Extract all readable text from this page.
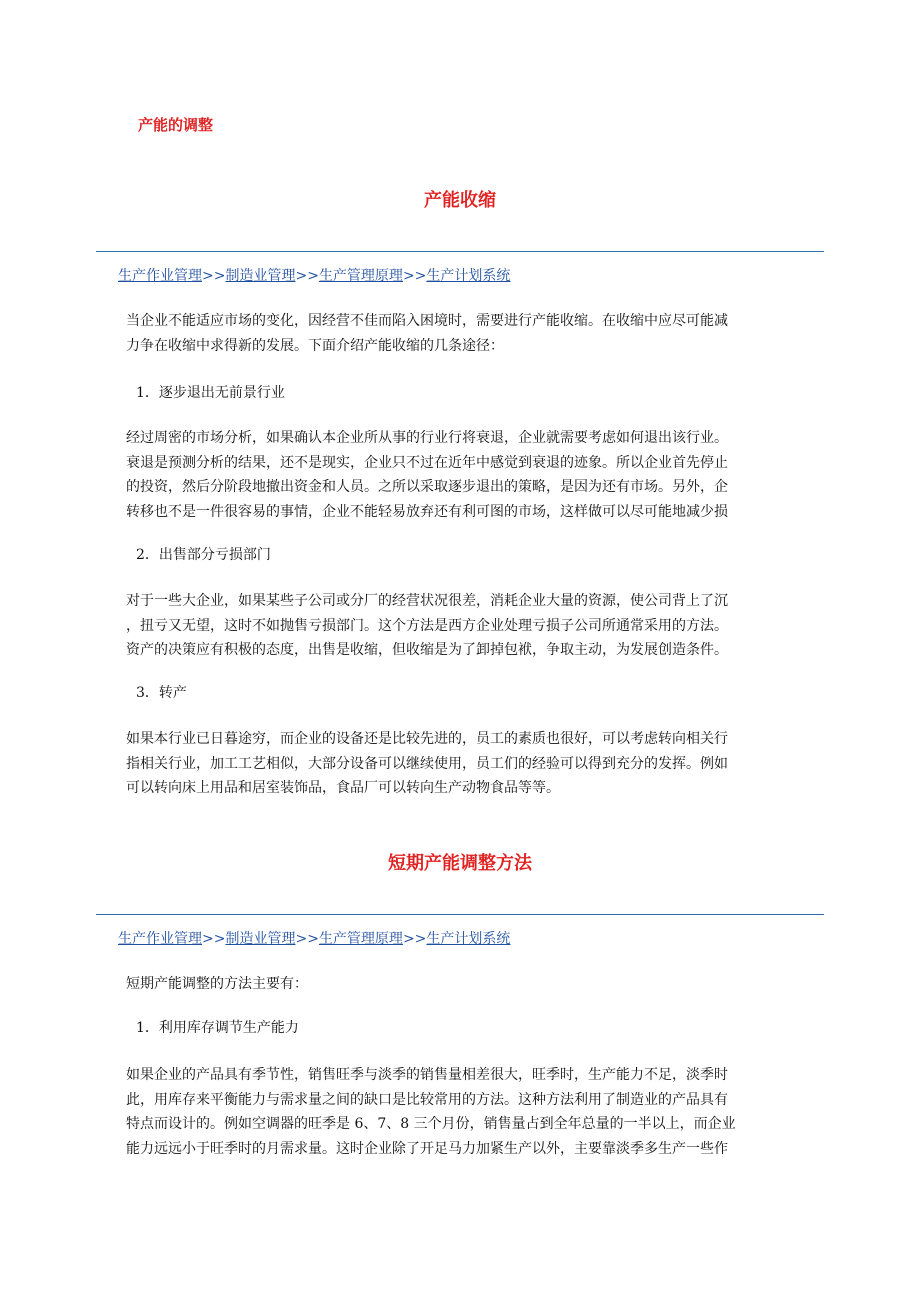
产能的调整
产能收缩
生产作业管理>>制造业管理>>生产管理原理>>生产计划系统
当企业不能适应市场的变化，因经营不佳而陷入困境时，需要进行产能收缩。在收缩中应尽可能减
力争在收缩中求得新的发展。下面介绍产能收缩的几条途径：
1．逐步退出无前景行业
经过周密的市场分析，如果确认本企业所从事的行业行将衰退，企业就需要考虑如何退出该行业。
衰退是预测分析的结果，还不是现实，企业只不过在近年中感觉到衰退的迹象。所以企业首先停止
的投资，然后分阶段地撤出资金和人员。之所以采取逐步退出的策略，是因为还有市场。另外，企
转移也不是一件很容易的事情，企业不能轻易放弃还有利可图的市场，这样做可以尽可能地减少损
2．出售部分亏损部门
对于一些大企业，如果某些子公司或分厂的经营状况很差，消耗企业大量的资源，使公司背上了沉
，扭亏又无望，这时不如抛售亏损部门。这个方法是西方企业处理亏损子公司所通常采用的方法。
资产的决策应有积极的态度，出售是收缩，但收缩是为了卸掉包袱，争取主动，为发展创造条件。
3．转产
如果本行业已日暮途穷，而企业的设备还是比较先进的，员工的素质也很好，可以考虑转向相关行
指相关行业，加工工艺相似，大部分设备可以继续使用，员工们的经验可以得到充分的发挥。例如
可以转向床上用品和居室装饰品，食品厂可以转向生产动物食品等等。
短期产能调整方法
生产作业管理>>制造业管理>>生产管理原理>>生产计划系统
短期产能调整的方法主要有：
1．利用库存调节生产能力
如果企业的产品具有季节性，销售旺季与淡季的销售量相差很大，旺季时，生产能力不足，淡季时
此，用库存来平衡能力与需求量之间的缺口是比较常用的方法。这种方法利用了制造业的产品具有
特点而设计的。例如空调器的旺季是 6、7、8 三个月份，销售量占到全年总量的一半以上，而企业
能力远远小于旺季时的月需求量。这时企业除了开足马力加紧生产以外，主要靠淡季多生产一些作
